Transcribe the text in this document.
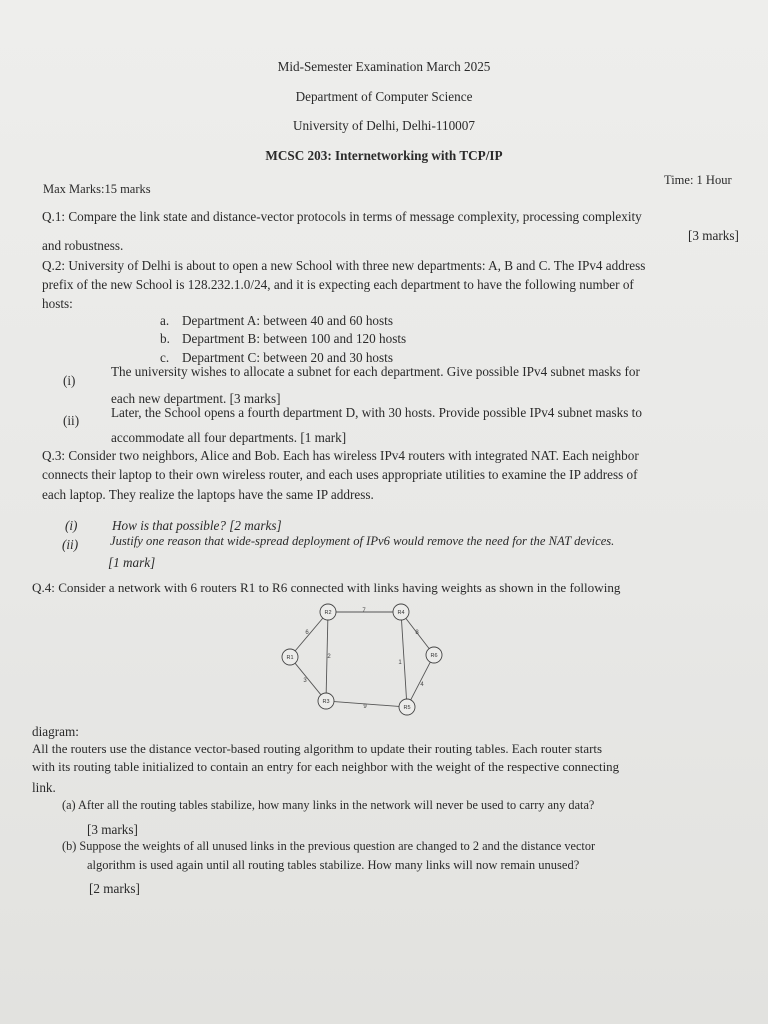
Mid-Semester Examination March 2025
Department of Computer Science
University of Delhi, Delhi-110007
MCSC 203: Internetworking with TCP/IP
Max Marks:15 marks
Time: 1 Hour
Q.1: Compare the link state and distance-vector protocols in terms of message complexity, processing complexity
and robustness.
[3 marks]
Q.2: University of Delhi is about to open a new School with three new departments: A, B and C. The IPv4 address
prefix of the new School is 128.232.1.0/24, and it is expecting each department to have the following number of
hosts:
a. Department A: between 40 and 60 hosts
b. Department B: between 100 and 120 hosts
c. Department C: between 20 and 30 hosts
(i)
The university wishes to allocate a subnet for each department. Give possible IPv4 subnet masks for
each new department. [3 marks]
(ii)
Later, the School opens a fourth department D, with 30 hosts. Provide possible IPv4 subnet masks to
accommodate all four departments. [1 mark]
Q.3: Consider two neighbors, Alice and Bob. Each has wireless IPv4 routers with integrated NAT. Each neighbor
connects their laptop to their own wireless router, and each uses appropriate utilities to examine the IP address of
each laptop. They realize the laptops have the same IP address.
(i)	How is that possible? [2 marks]
(ii)	Justify one reason that wide-spread deployment of IPv6 would remove the need for the NAT devices.
[1 mark]
Q.4: Consider a network with 6 routers R1 to R6 connected with links having weights as shown in the following
6
7
3
2
1
8
9
4
R1
R2
R3
R4
R5
R6
diagram:
All the routers use the distance vector-based routing algorithm to update their routing tables. Each router starts
with its routing table initialized to contain an entry for each neighbor with the weight of the respective connecting
link.
(a) After all the routing tables stabilize, how many links in the network will never be used to carry any data?
[3 marks]
(b) Suppose the weights of all unused links in the previous question are changed to 2 and the distance vector
algorithm is used again until all routing tables stabilize. How many links will now remain unused?
[2 marks]
